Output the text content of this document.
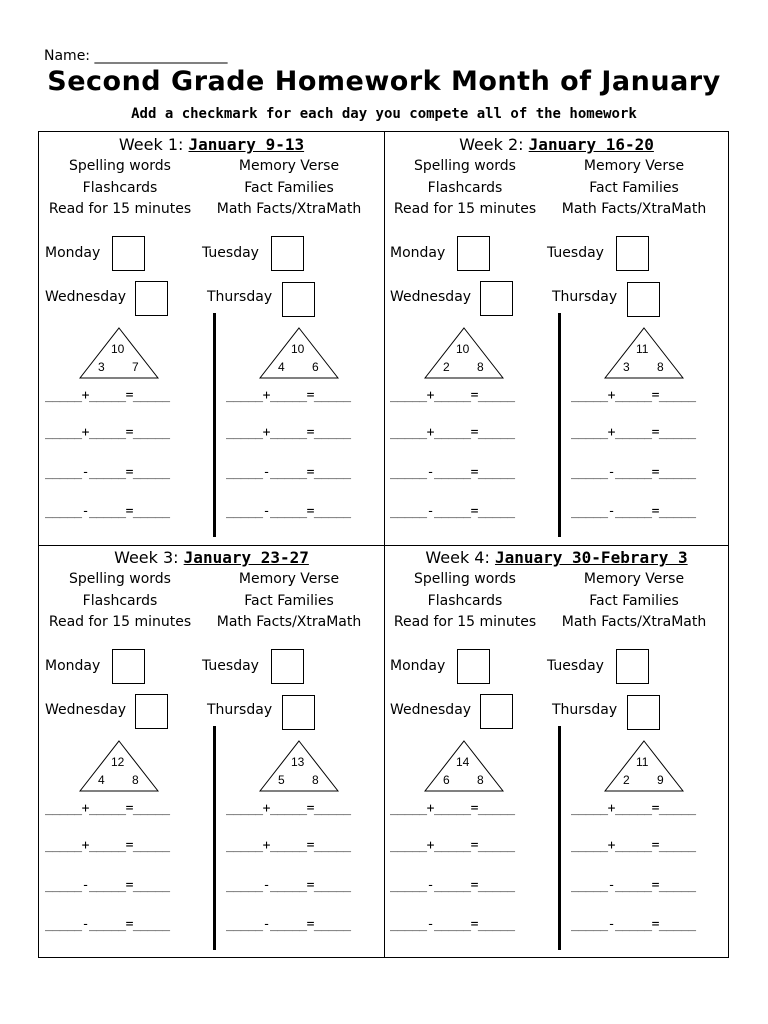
Name: ___________________
Second Grade Homework Month of January
Add a checkmark for each day you compete all of the homework
Week 1: January 9-13
Spelling words	Memory Verse
Flashcards	Fact Families
Read for 15 minutes	Math Facts/XtraMath
Monday	Tuesday
Wednesday	Thursday
10
3 7
10
4 6
_____+_____=_____	_____+_____=_____
_____+_____=_____	_____+_____=_____
_____-_____=_____	_____-_____=_____
_____-_____=_____	_____-_____=_____
Week 2: January 16-20
Spelling words	Memory Verse
Flashcards	Fact Families
Read for 15 minutes	Math Facts/XtraMath
Monday	Tuesday
Wednesday	Thursday
10
2 8
11
3 8
_____+_____=_____	_____+_____=_____
_____+_____=_____	_____+_____=_____
_____-_____=_____	_____-_____=_____
_____-_____=_____	_____-_____=_____
Week 3: January 23-27
Spelling words	Memory Verse
Flashcards	Fact Families
Read for 15 minutes	Math Facts/XtraMath
Monday	Tuesday
Wednesday	Thursday
12
4 8
13
5 8
_____+_____=_____	_____+_____=_____
_____+_____=_____	_____+_____=_____
_____-_____=_____	_____-_____=_____
_____-_____=_____	_____-_____=_____
Week 4: January 30-Febrary 3
Spelling words	Memory Verse
Flashcards	Fact Families
Read for 15 minutes	Math Facts/XtraMath
Monday	Tuesday
Wednesday	Thursday
14
6 8
11
2 9
_____+_____=_____	_____+_____=_____
_____+_____=_____	_____+_____=_____
_____-_____=_____	_____-_____=_____
_____-_____=_____	_____-_____=_____
